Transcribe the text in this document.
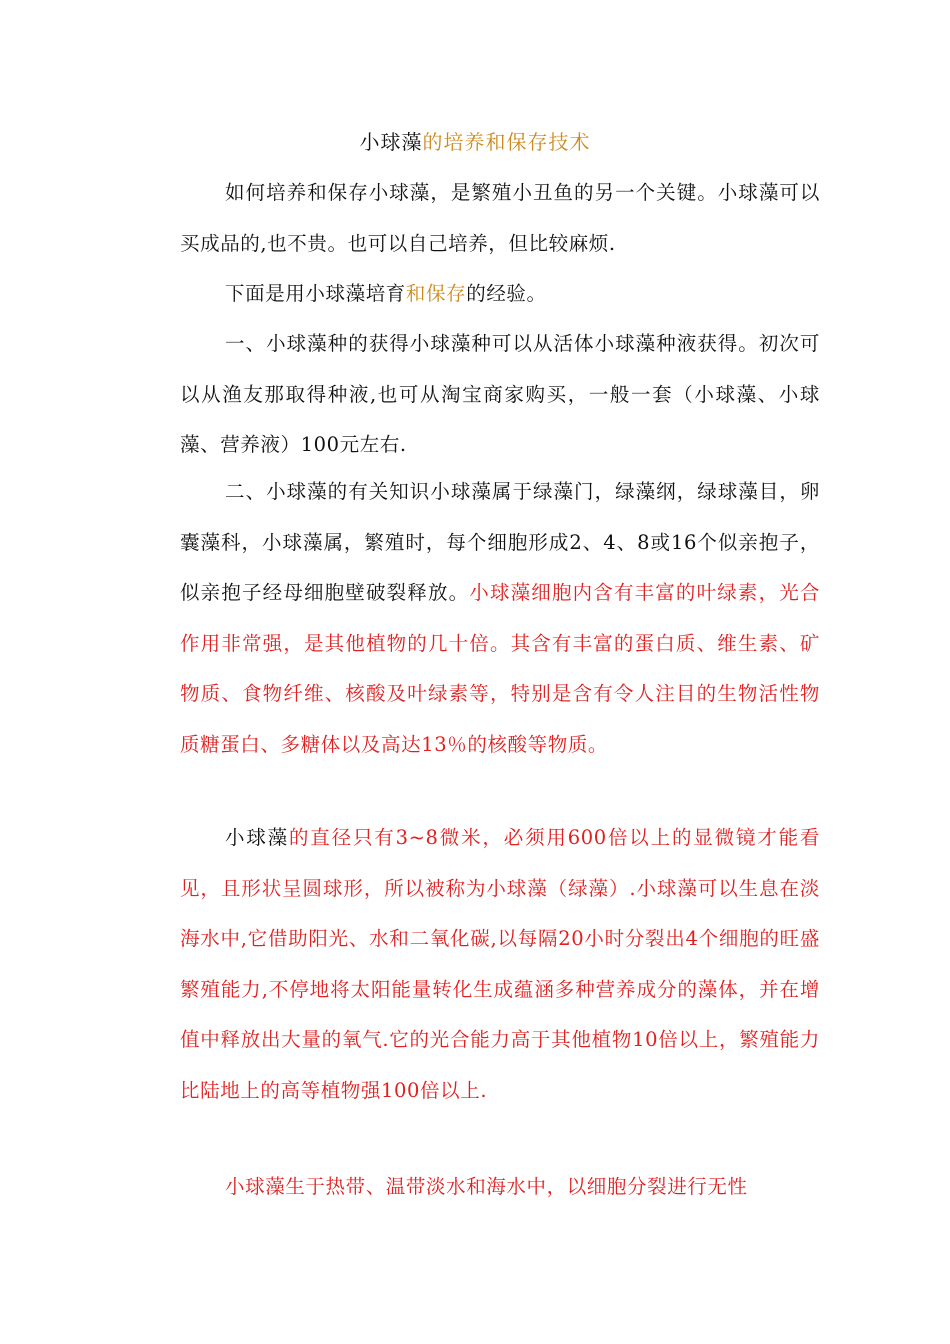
小球藻的培养和保存技术
如何培养和保存小球藻，是繁殖小丑鱼的另一个关键。小球藻可以买成品的,也不贵。也可以自己培养，但比较麻烦.
下面是用小球藻培育和保存的经验。
一、小球藻种的获得小球藻种可以从活体小球藻种液获得。初次可以从渔友那取得种液,也可从淘宝商家购买，一般一套（小球藻、小球藻、营养液）100元左右.
二、小球藻的有关知识小球藻属于绿藻门，绿藻纲，绿球藻目，卵囊藻科，小球藻属，繁殖时，每个细胞形成2、4、8或16个似亲抱子，似亲抱子经母细胞壁破裂释放。小球藻细胞内含有丰富的叶绿素，光合作用非常强，是其他植物的几十倍。其含有丰富的蛋白质、维生素、矿物质、食物纤维、核酸及叶绿素等，特别是含有令人注目的生物活性物质糖蛋白、多糖体以及高达13％的核酸等物质。
小球藻的直径只有3~8微米，必须用600倍以上的显微镜才能看见，且形状呈圆球形，所以被称为小球藻（绿藻）.小球藻可以生息在淡海水中,它借助阳光、水和二氧化碳,以每隔20小时分裂出4个细胞的旺盛繁殖能力,不停地将太阳能量转化生成蕴涵多种营养成分的藻体，并在增值中释放出大量的氧气.它的光合能力高于其他植物10倍以上，繁殖能力比陆地上的高等植物强100倍以上.
小球藻生于热带、温带淡水和海水中，以细胞分裂进行无性
